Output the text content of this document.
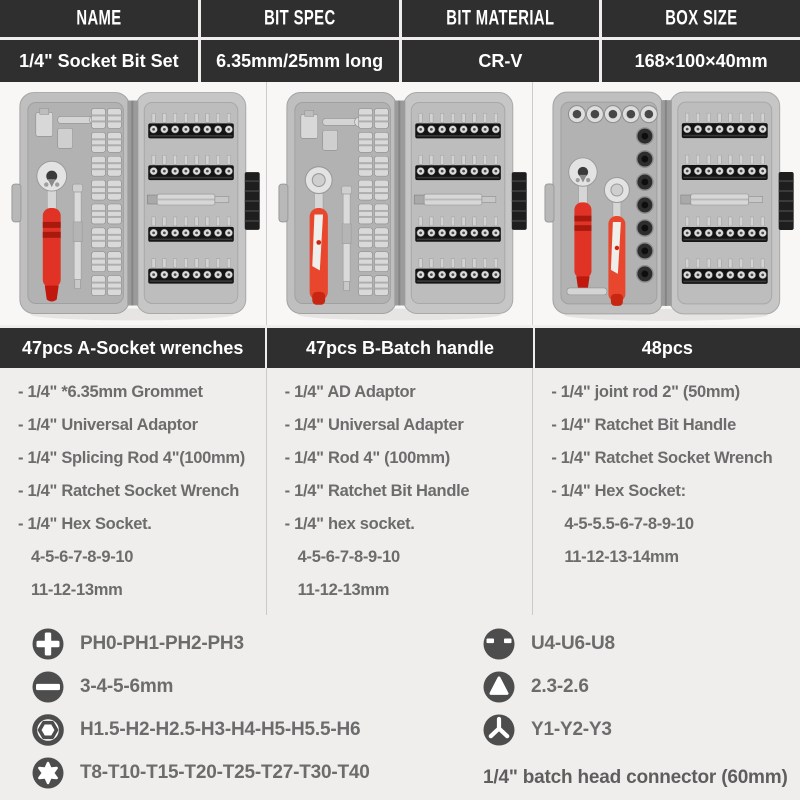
NAME	BIT SPEC	BIT MATERIAL	BOX SIZE
1/4" Socket Bit Set	6.35mm/25mm long	CR-V	168×100×40mm
47pcs A-Socket wrenches	47pcs B-Batch handle	48pcs
- 1/4" *6.35mm Grommet
- 1/4" Universal Adaptor
- 1/4" Splicing Rod 4"(100mm)
- 1/4" Ratchet Socket Wrench
- 1/4" Hex Socket.
4-5-6-7-8-9-10
11-12-13mm
- 1/4" AD Adaptor
- 1/4" Universal Adapter
- 1/4" Rod 4" (100mm)
- 1/4" Ratchet Bit Handle
- 1/4" hex socket.
4-5-6-7-8-9-10
11-12-13mm
- 1/4" joint rod 2" (50mm)
- 1/4" Ratchet Bit Handle
- 1/4" Ratchet Socket Wrench
- 1/4" Hex Socket:
4-5-5.5-6-7-8-9-10
11-12-13-14mm
PH0-PH1-PH2-PH3
3-4-5-6mm
H1.5-H2-H2.5-H3-H4-H5-H5.5-H6
T8-T10-T15-T20-T25-T27-T30-T40
U4-U6-U8
2.3-2.6
Y1-Y2-Y3
1/4" batch head connector (60mm)
